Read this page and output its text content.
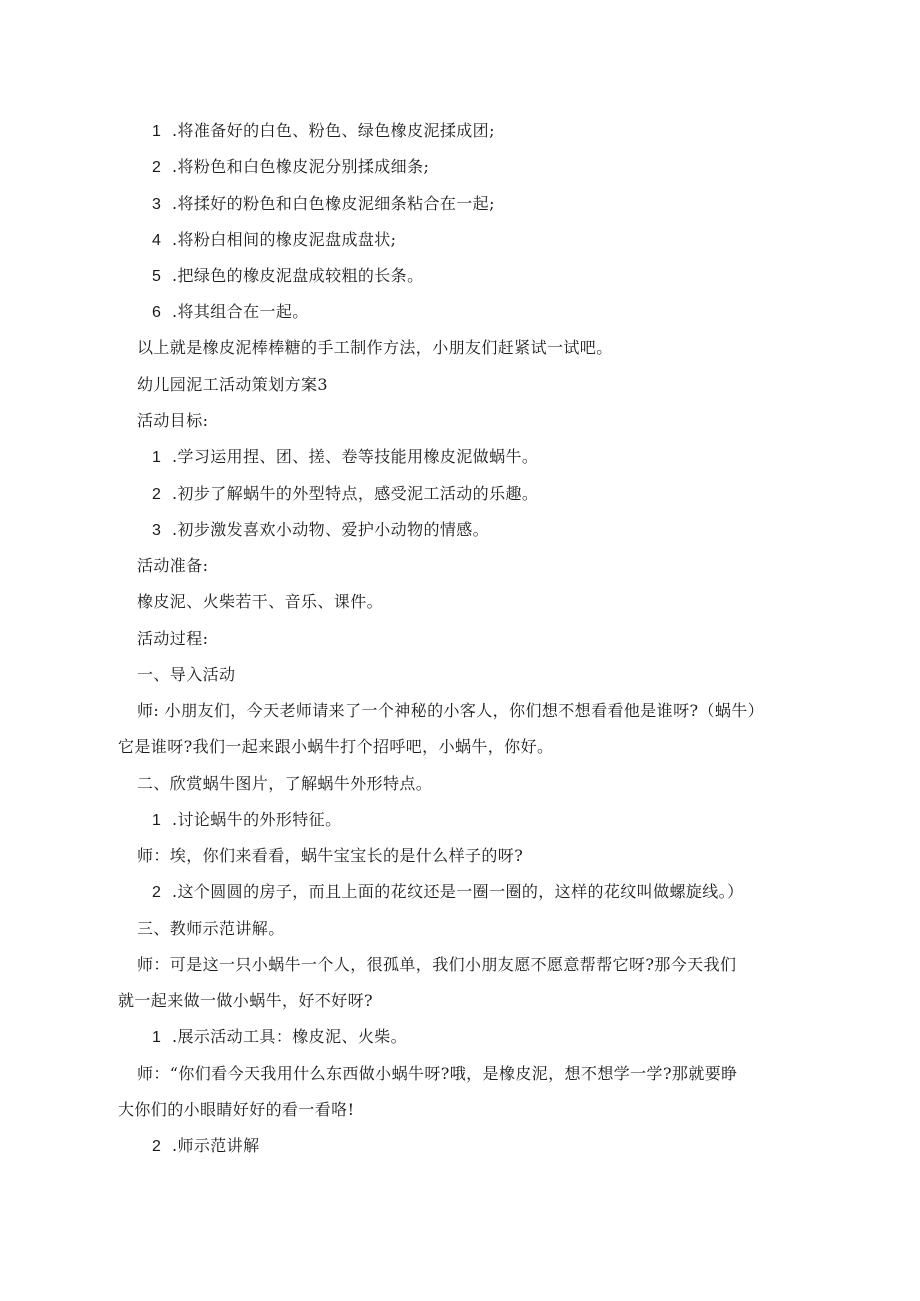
1 .将准备好的白色、粉色、绿色橡皮泥揉成团;
2 .将粉色和白色橡皮泥分别揉成细条;
3 .将揉好的粉色和白色橡皮泥细条粘合在一起;
4 .将粉白相间的橡皮泥盘成盘状;
5 .把绿色的橡皮泥盘成较粗的长条。
6 .将其组合在一起。
以上就是橡皮泥棒棒糖的手工制作方法，小朋友们赶紧试一试吧。
幼儿园泥工活动策划方案3
活动目标:
1 .学习运用捏、团、搓、卷等技能用橡皮泥做蜗牛。
2 .初步了解蜗牛的外型特点，感受泥工活动的乐趣。
3 .初步激发喜欢小动物、爱护小动物的情感。
活动准备:
橡皮泥、火柴若干、音乐、课件。
活动过程:
一、导入活动
师: 小朋友们，今天老师请来了一个神秘的小客人，你们想不想看看他是谁呀?（蜗牛）
它是谁呀?我们一起来跟小蜗牛打个招呼吧，小蜗牛，你好。
二、欣赏蜗牛图片，了解蜗牛外形特点。
1 .讨论蜗牛的外形特征。
师：埃，你们来看看，蜗牛宝宝长的是什么样子的呀?
2 .这个圆圆的房子，而且上面的花纹还是一圈一圈的，这样的花纹叫做螺旋线。）
三、教师示范讲解。
师：可是这一只小蜗牛一个人，很孤单，我们小朋友愿不愿意帮帮它呀?那今天我们
就一起来做一做小蜗牛，好不好呀?
1 .展示活动工具：橡皮泥、火柴。
师：“你们看今天我用什么东西做小蜗牛呀?哦，是橡皮泥，想不想学一学?那就要睁
大你们的小眼睛好好的看一看咯!
2 .师示范讲解
